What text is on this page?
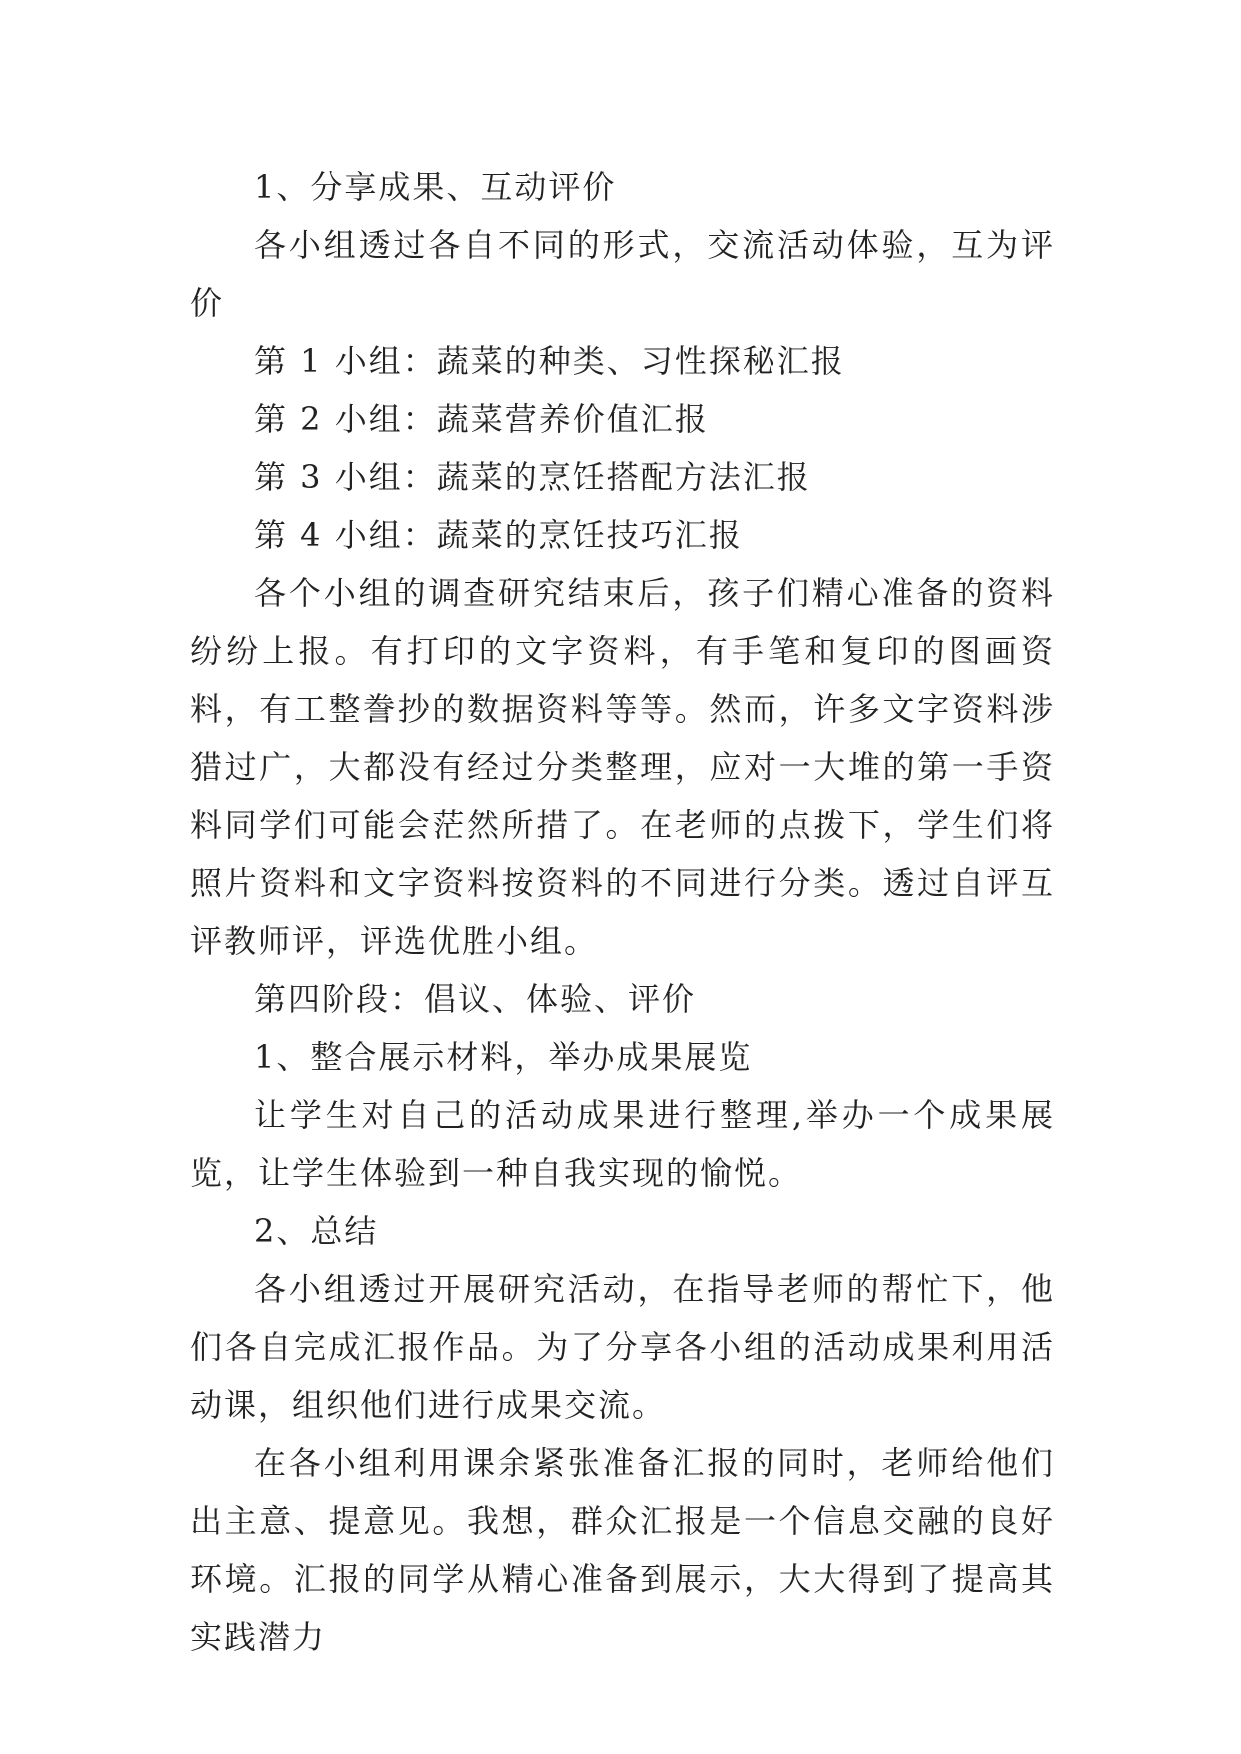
1、分享成果、互动评价

各小组透过各自不同的形式，交流活动体验，互为评价

第 1 小组：蔬菜的种类、习性探秘汇报

第 2 小组：蔬菜营养价值汇报

第 3 小组：蔬菜的烹饪搭配方法汇报

第 4 小组：蔬菜的烹饪技巧汇报

各个小组的调查研究结束后，孩子们精心准备的资料纷纷上报。有打印的文字资料，有手笔和复印的图画资料，有工整誊抄的数据资料等等。然而，许多文字资料涉猎过广，大都没有经过分类整理，应对一大堆的第一手资料同学们可能会茫然所措了。在老师的点拨下，学生们将照片资料和文字资料按资料的不同进行分类。透过自评互评教师评，评选优胜小组。

第四阶段：倡议、体验、评价

1、整合展示材料，举办成果展览

让学生对自己的活动成果进行整理,举办一个成果展览，让学生体验到一种自我实现的愉悦。

2、总结

各小组透过开展研究活动，在指导老师的帮忙下，他们各自完成汇报作品。为了分享各小组的活动成果利用活动课，组织他们进行成果交流。

在各小组利用课余紧张准备汇报的同时，老师给他们出主意、提意见。我想，群众汇报是一个信息交融的良好环境。汇报的同学从精心准备到展示，大大得到了提高其实践潜力
